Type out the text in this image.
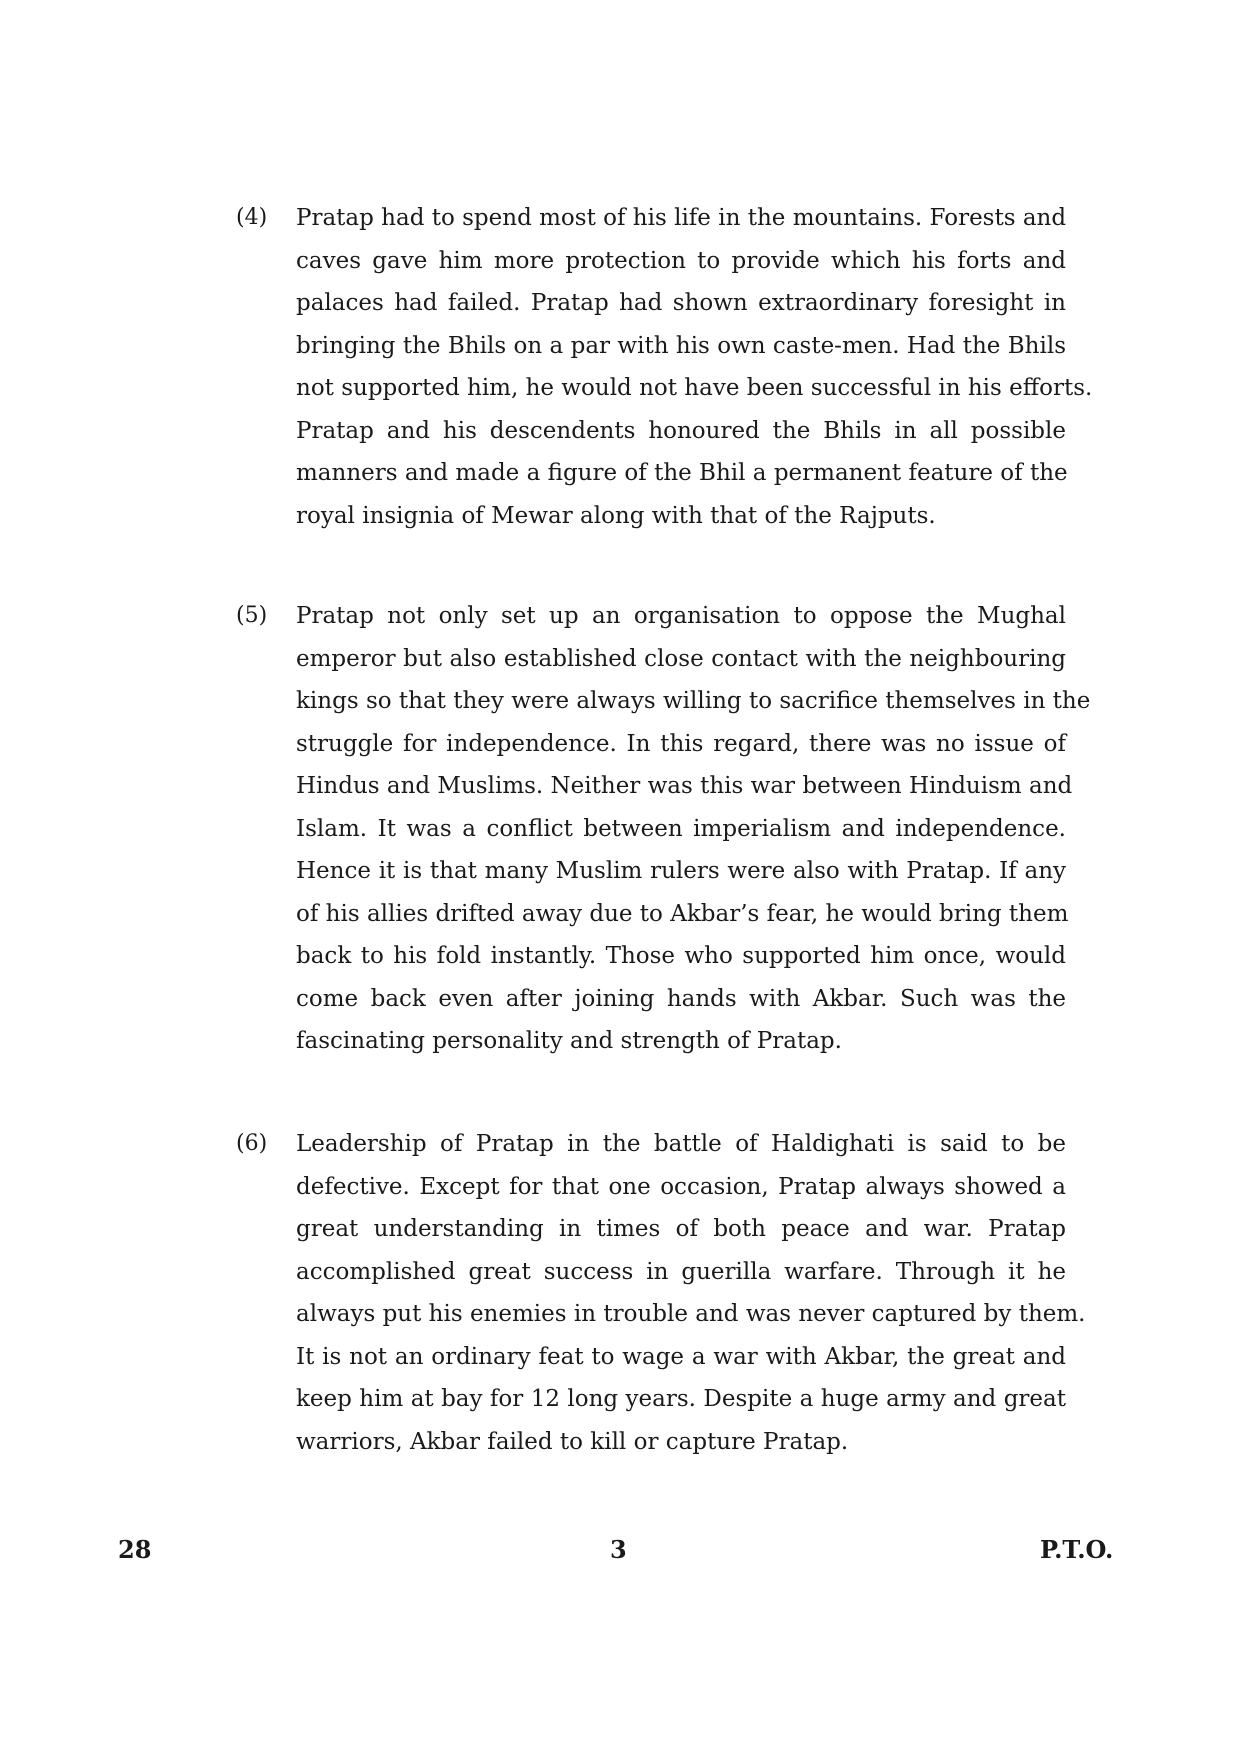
(4) Pratap had to spend most of his life in the mountains. Forests and
caves gave him more protection to provide which his forts and
palaces had failed. Pratap had shown extraordinary foresight in
bringing the Bhils on a par with his own caste-men. Had the Bhils
not supported him, he would not have been successful in his efforts.
Pratap and his descendents honoured the Bhils in all possible
manners and made a figure of the Bhil a permanent feature of the
royal insignia of Mewar along with that of the Rajputs.
(5) Pratap not only set up an organisation to oppose the Mughal
emperor but also established close contact with the neighbouring
kings so that they were always willing to sacrifice themselves in the
struggle for independence. In this regard, there was no issue of
Hindus and Muslims. Neither was this war between Hinduism and
Islam. It was a conflict between imperialism and independence.
Hence it is that many Muslim rulers were also with Pratap. If any
of his allies drifted away due to Akbar’s fear, he would bring them
back to his fold instantly. Those who supported him once, would
come back even after joining hands with Akbar. Such was the
fascinating personality and strength of Pratap.
(6) Leadership of Pratap in the battle of Haldighati is said to be
defective. Except for that one occasion, Pratap always showed a
great understanding in times of both peace and war. Pratap
accomplished great success in guerilla warfare. Through it he
always put his enemies in trouble and was never captured by them.
It is not an ordinary feat to wage a war with Akbar, the great and
keep him at bay for 12 long years. Despite a huge army and great
warriors, Akbar failed to kill or capture Pratap.
28	3	P.T.O.
